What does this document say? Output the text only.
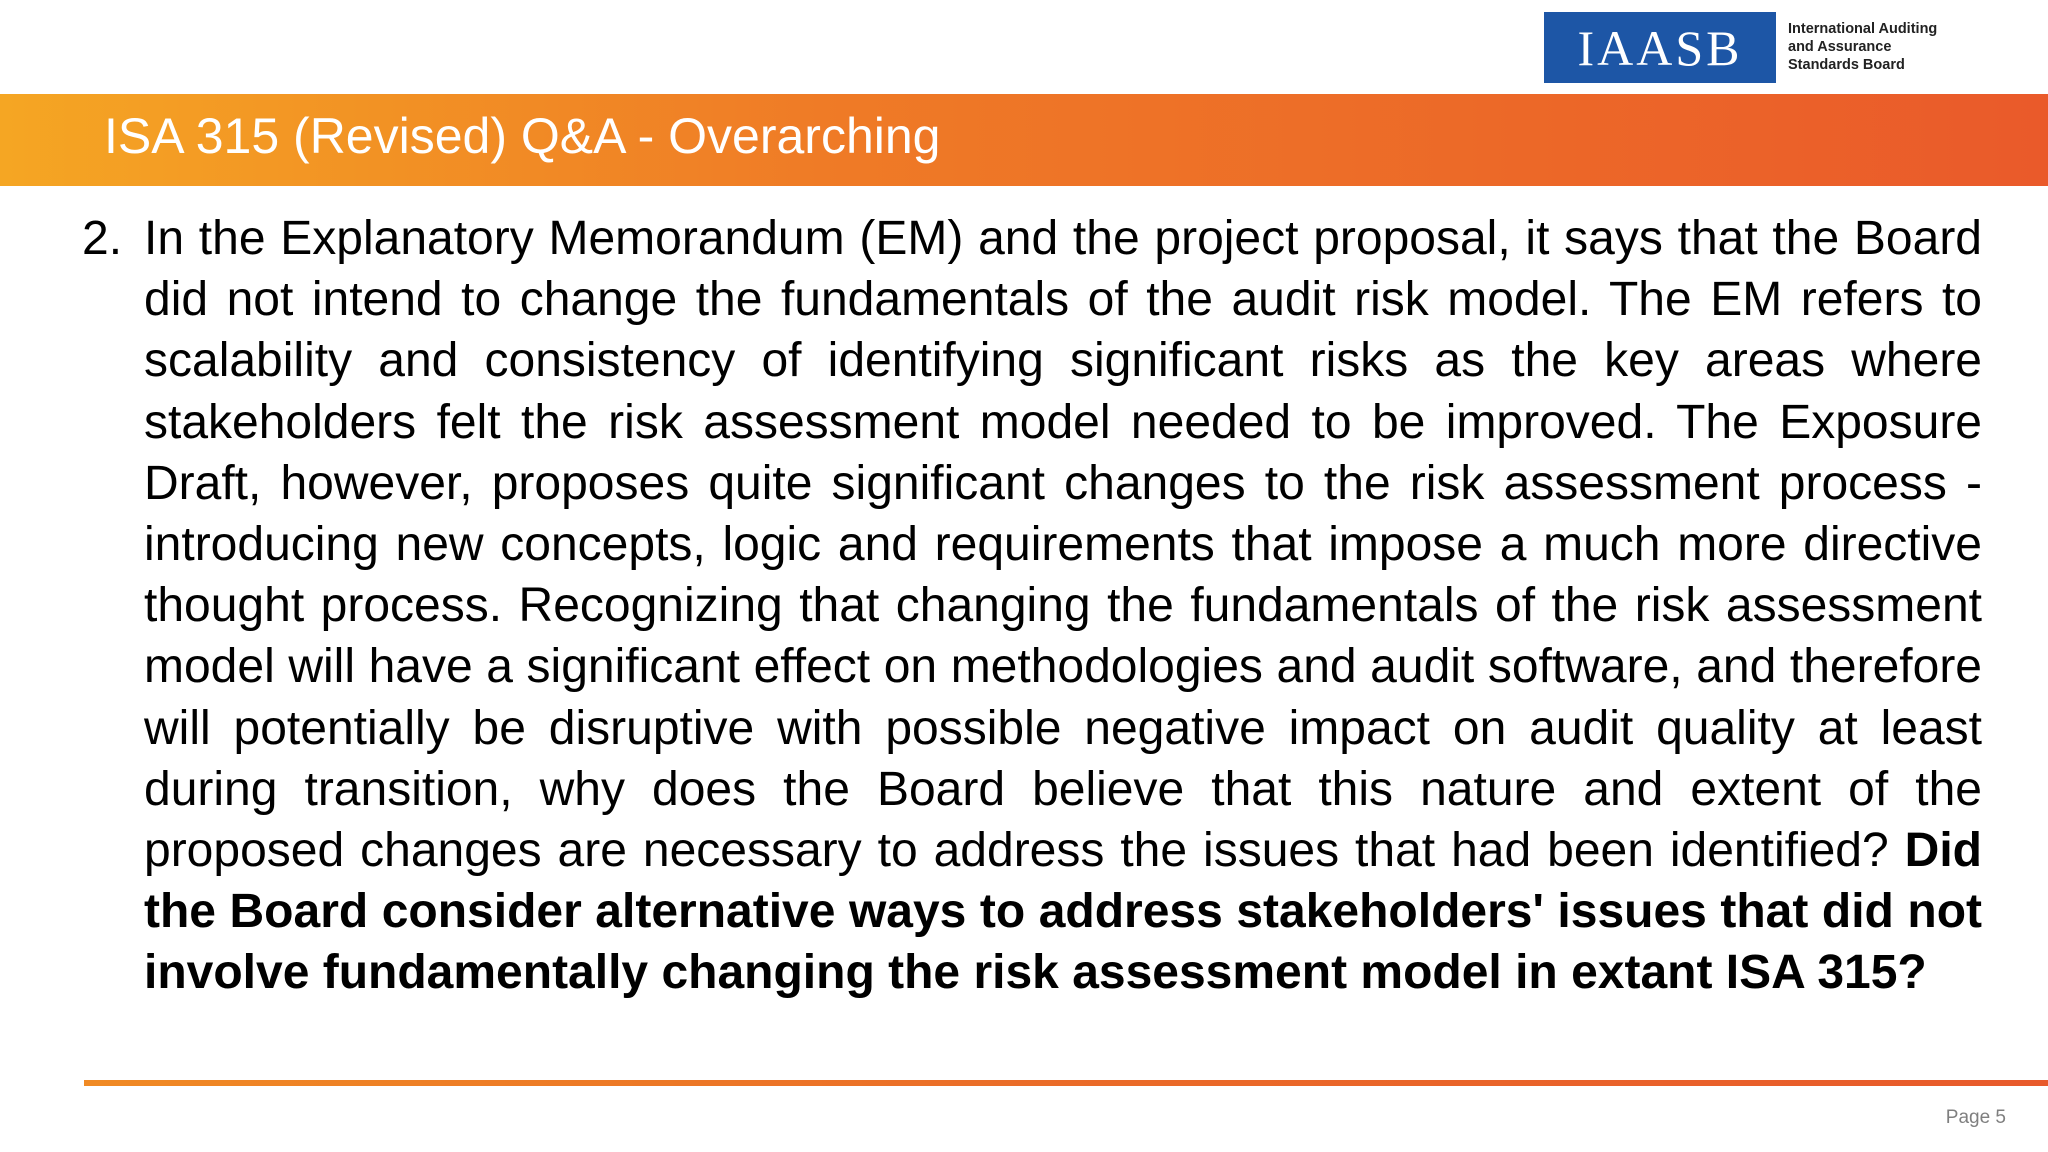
IAASB	International Auditing
and Assurance
Standards Board
ISA 315 (Revised) Q&A - Overarching
2. In the Explanatory Memorandum (EM) and the project proposal, it says that the Board did not intend to change the fundamentals of the audit risk model. The EM refers to scalability and consistency of identifying significant risks as the key areas where stakeholders felt the risk assessment model needed to be improved. The Exposure Draft, however, proposes quite significant changes to the risk assessment process - introducing new concepts, logic and requirements that impose a much more directive thought process. Recognizing that changing the fundamentals of the risk assessment model will have a significant effect on methodologies and audit software, and therefore will potentially be disruptive with possible negative impact on audit quality at least during transition, why does the Board believe that this nature and extent of the proposed changes are necessary to address the issues that had been identified? Did the Board consider alternative ways to address stakeholders' issues that did not involve fundamentally changing the risk assessment model in extant ISA 315?
Page 5
